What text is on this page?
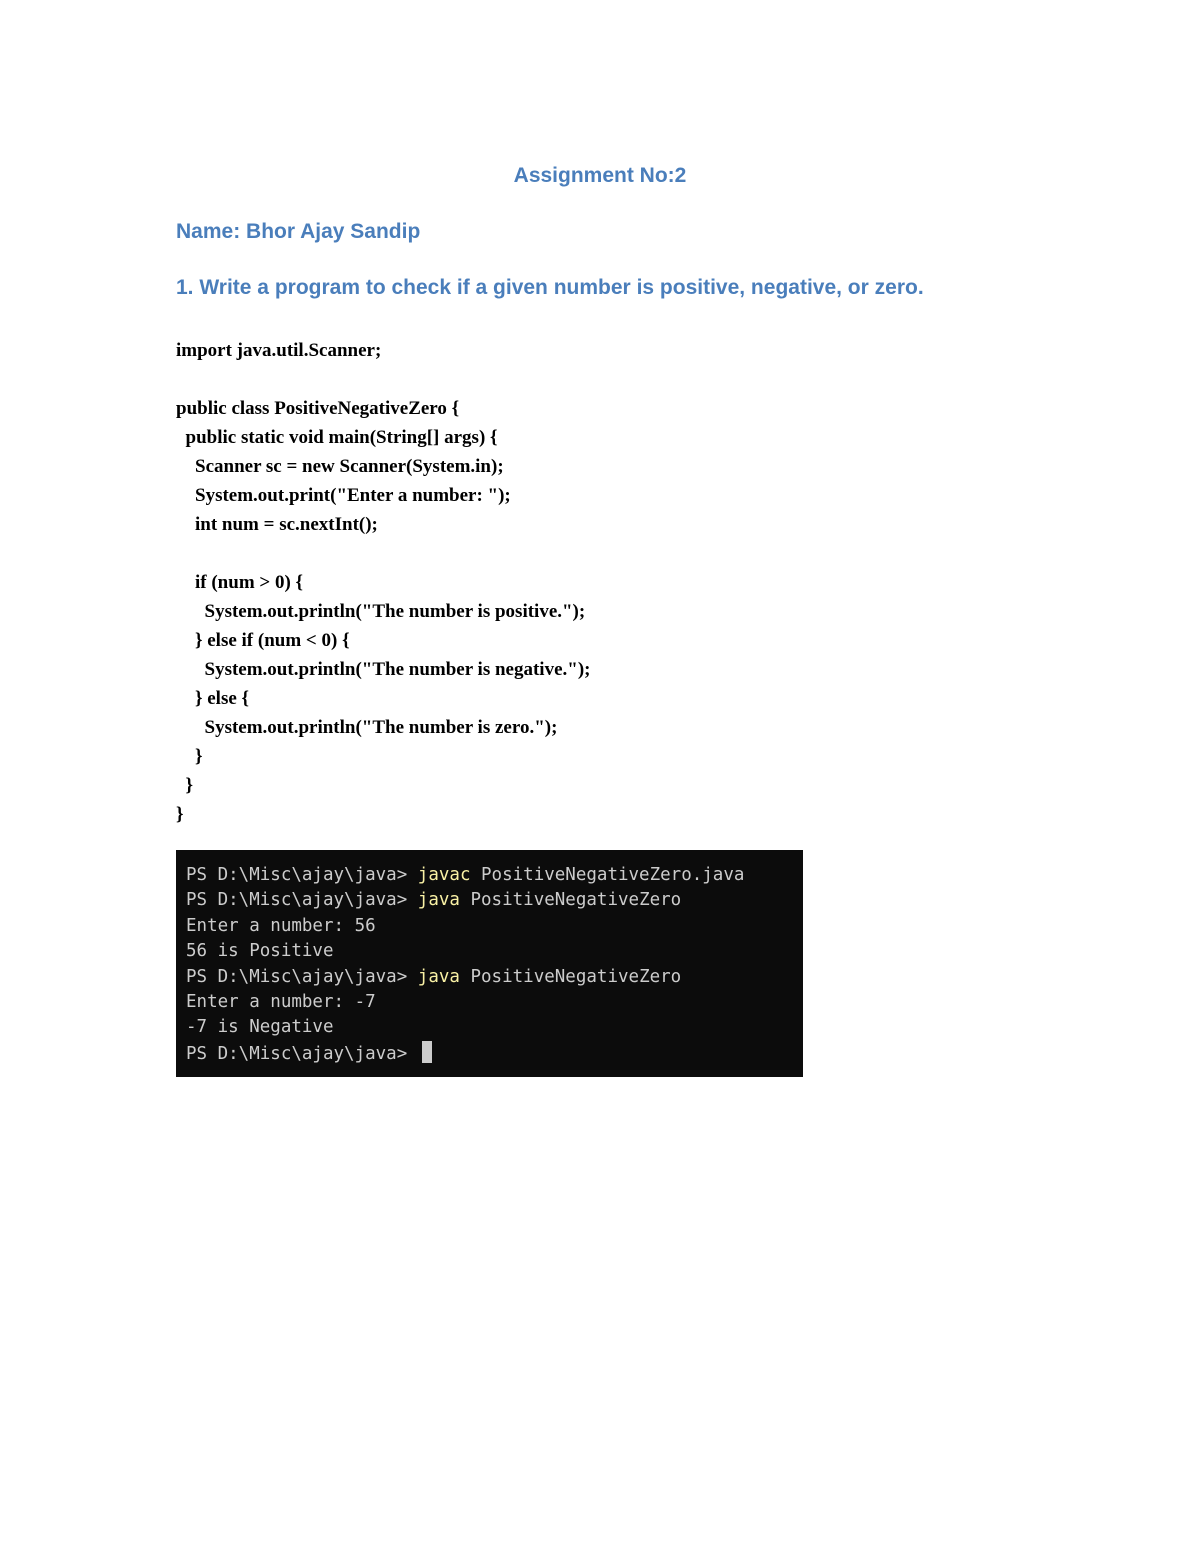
Assignment No:2
Name: Bhor Ajay Sandip
1. Write a program to check if a given number is positive, negative, or zero.
import java.util.Scanner;
public class PositiveNegativeZero {
public static void main(String[] args) {
Scanner sc = new Scanner(System.in);
System.out.print("Enter a number: ");
int num = sc.nextInt();
if (num > 0) {
System.out.println("The number is positive.");
} else if (num < 0) {
System.out.println("The number is negative.");
} else {
System.out.println("The number is zero.");
}
}
}
PS D:\Misc\ajay\java> javac PositiveNegativeZero.java
PS D:\Misc\ajay\java> java PositiveNegativeZero
Enter a number: 56
56 is Positive
PS D:\Misc\ajay\java> java PositiveNegativeZero
Enter a number: -7
-7 is Negative
PS D:\Misc\ajay\java>
